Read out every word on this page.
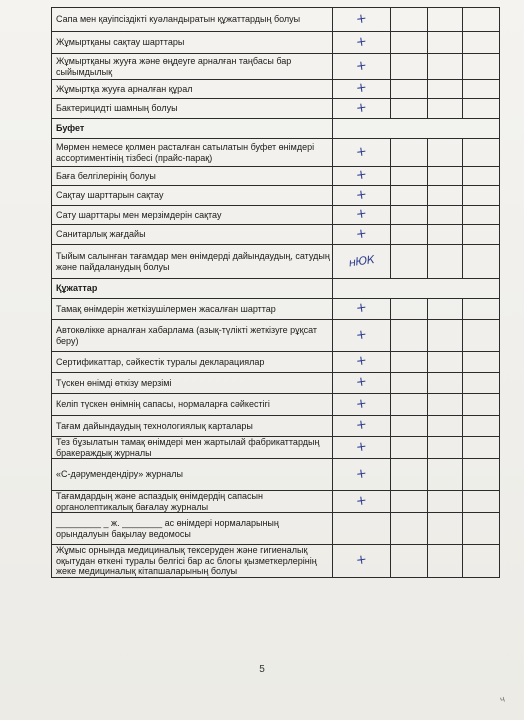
Сапа мен қауіпсіздікті куәландыратын құжаттардың болуы	+			

Жұмыртқаны сақтау шарттары	+			

Жұмыртқаны жууға және өңдеуге арналған таңбасы бар сыйымдылық	+			

Жұмыртқа жууға арналған құрал	+			

Бактерицидті шамның болуы	+			

Буфет				
Мөрмен немесе қолмен расталған сатылатын буфет өнімдері ассортиментінің тізбесі (прайс-парақ)	+			

Баға белгілерінің болуы	+			

Сақтау шарттарын сақтау	+			

Сату шарттары мен мерзімдерін сақтау	+			

Санитарлық жағдайы	+			

Тыйым салынған тағамдар мен өнімдерді дайындаудың, сатудың және пайдаланудың болуы	нЮК			

Құжаттар				
Тамақ өнімдерін жеткізушілермен жасалған шарттар	+			

Автокөлікке арналған хабарлама (азық-түлікті жеткізуге рұқсат беру)	+			

Сертификаттар, сәйкестік туралы декларациялар	+			

Түскен өнімді өткізу мерзімі	+			

Келіп түскен өнімнің сапасы, нормаларға сәйкестігі	+			

Тағам дайындаудың технологиялық карталары	+			

Тез бұзылатын тамақ өнімдері мен жартылай фабрикаттардың бракераждық журналы	+			

«С-дәрумендендіру» журналы	+			

Тағамдардың және аспаздық өнімдердің сапасын органолептикалық бағалау журналы	+			

_________ _ ж. ________ ас өнімдері нормаларының орындалуын бақылау ведомосы	

Жұмыс орнында медициналық тексеруден және гигиеналық оқытудан өткені туралы белгісі бар ас блогы қызметкерлерінің жеке медициналық кітапшаларының болуы	+			

5
ч
